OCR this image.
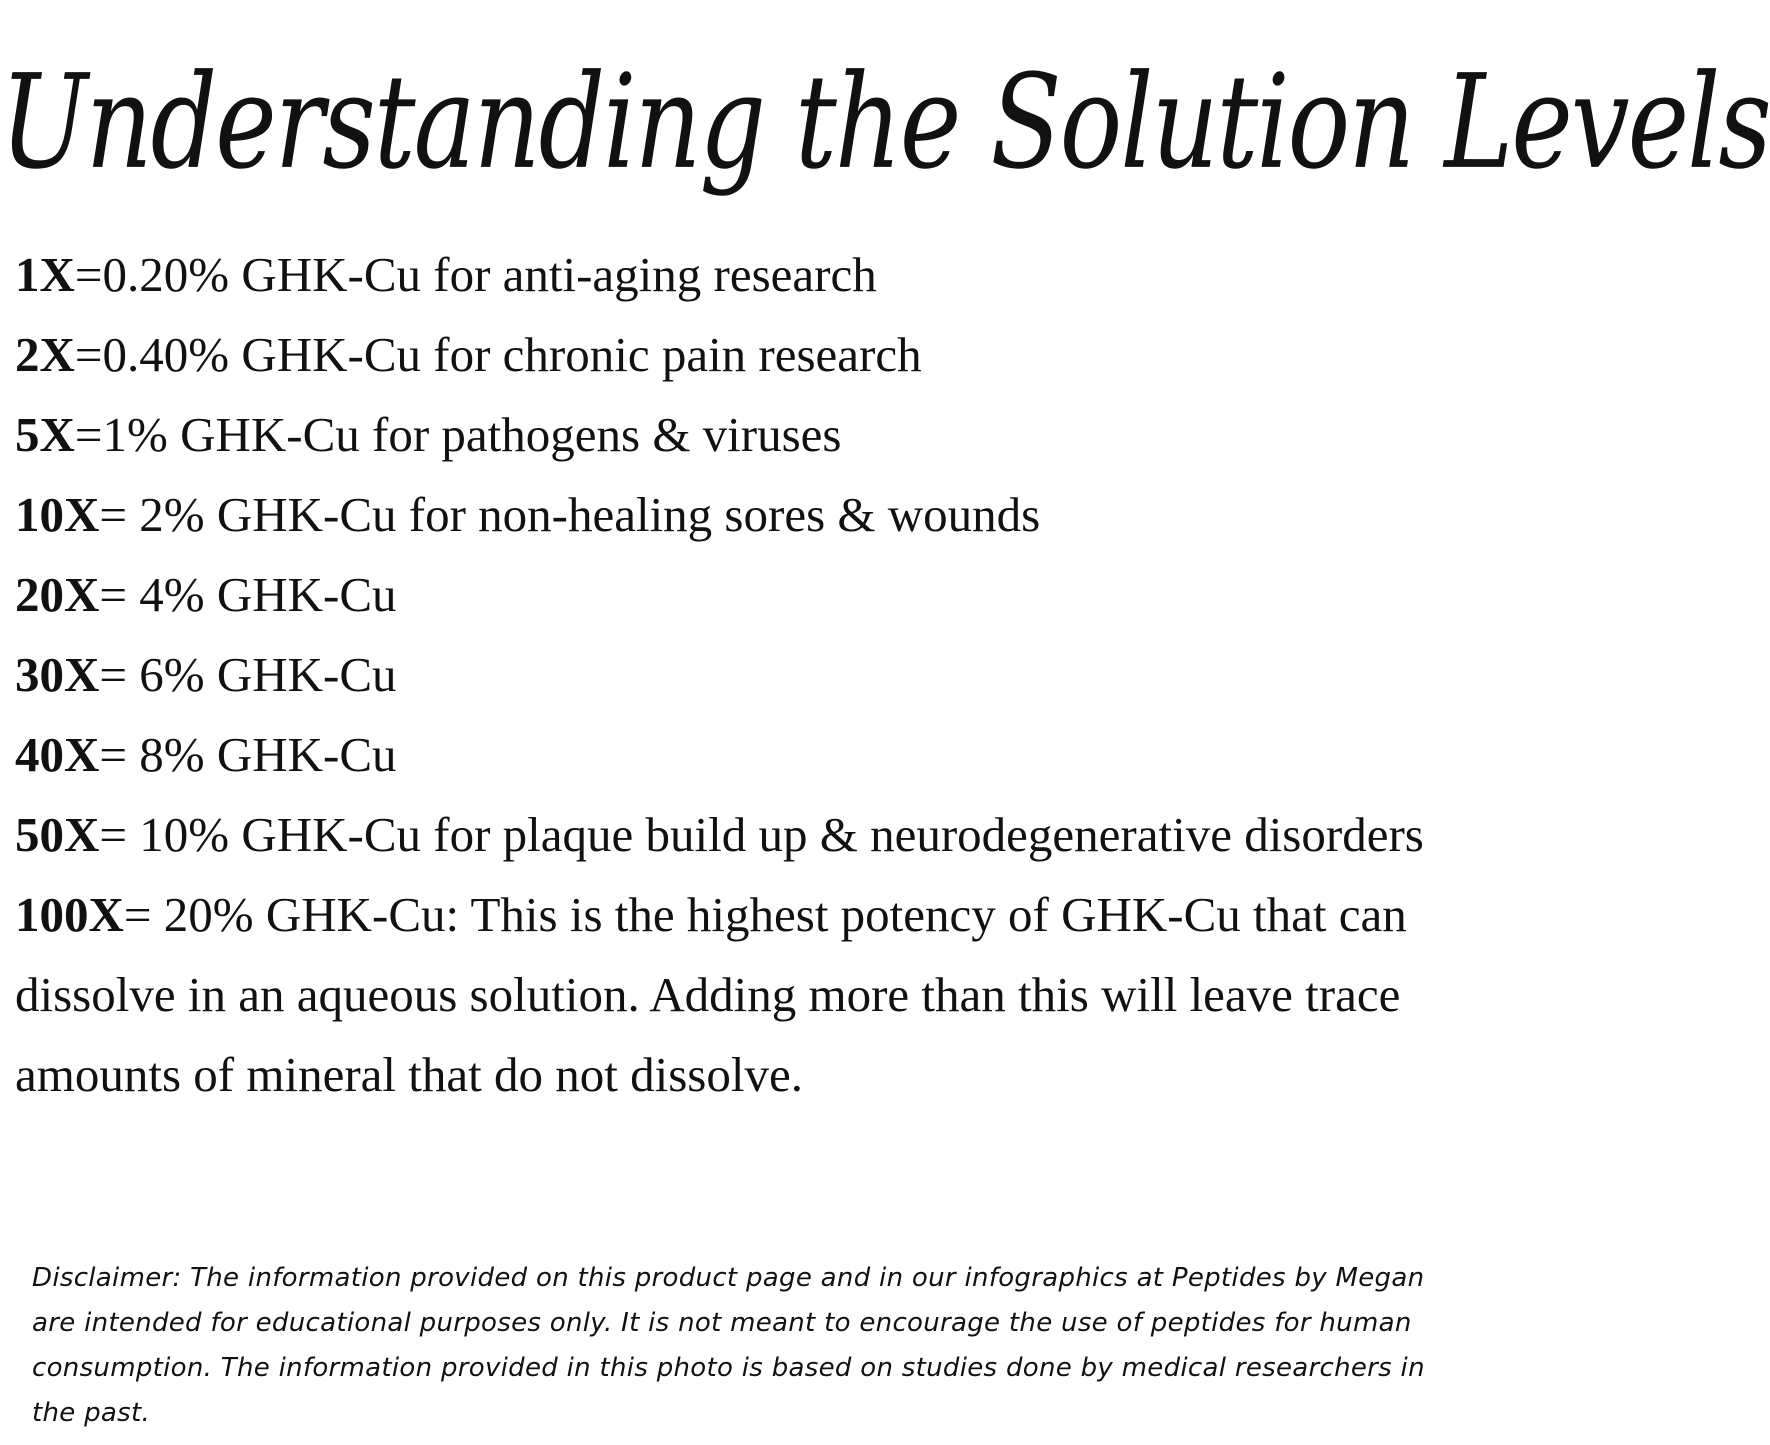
Understanding the Solution Levels
1X=0.20% GHK-Cu for anti-aging research
2X=0.40% GHK-Cu for chronic pain research
5X=1% GHK-Cu for pathogens & viruses
10X= 2% GHK-Cu for non-healing sores & wounds
20X= 4% GHK-Cu
30X= 6% GHK-Cu
40X= 8% GHK-Cu
50X= 10% GHK-Cu for plaque build up & neurodegenerative disorders
100X= 20% GHK-Cu: This is the highest potency of GHK-Cu that can dissolve in an aqueous solution. Adding more than this will leave trace amounts of mineral that do not dissolve.

Disclaimer: The information provided on this product page and in our infographics at Peptides by Megan are intended for educational purposes only. It is not meant to encourage the use of peptides for human consumption. The information provided in this photo is based on studies done by medical researchers in the past.
